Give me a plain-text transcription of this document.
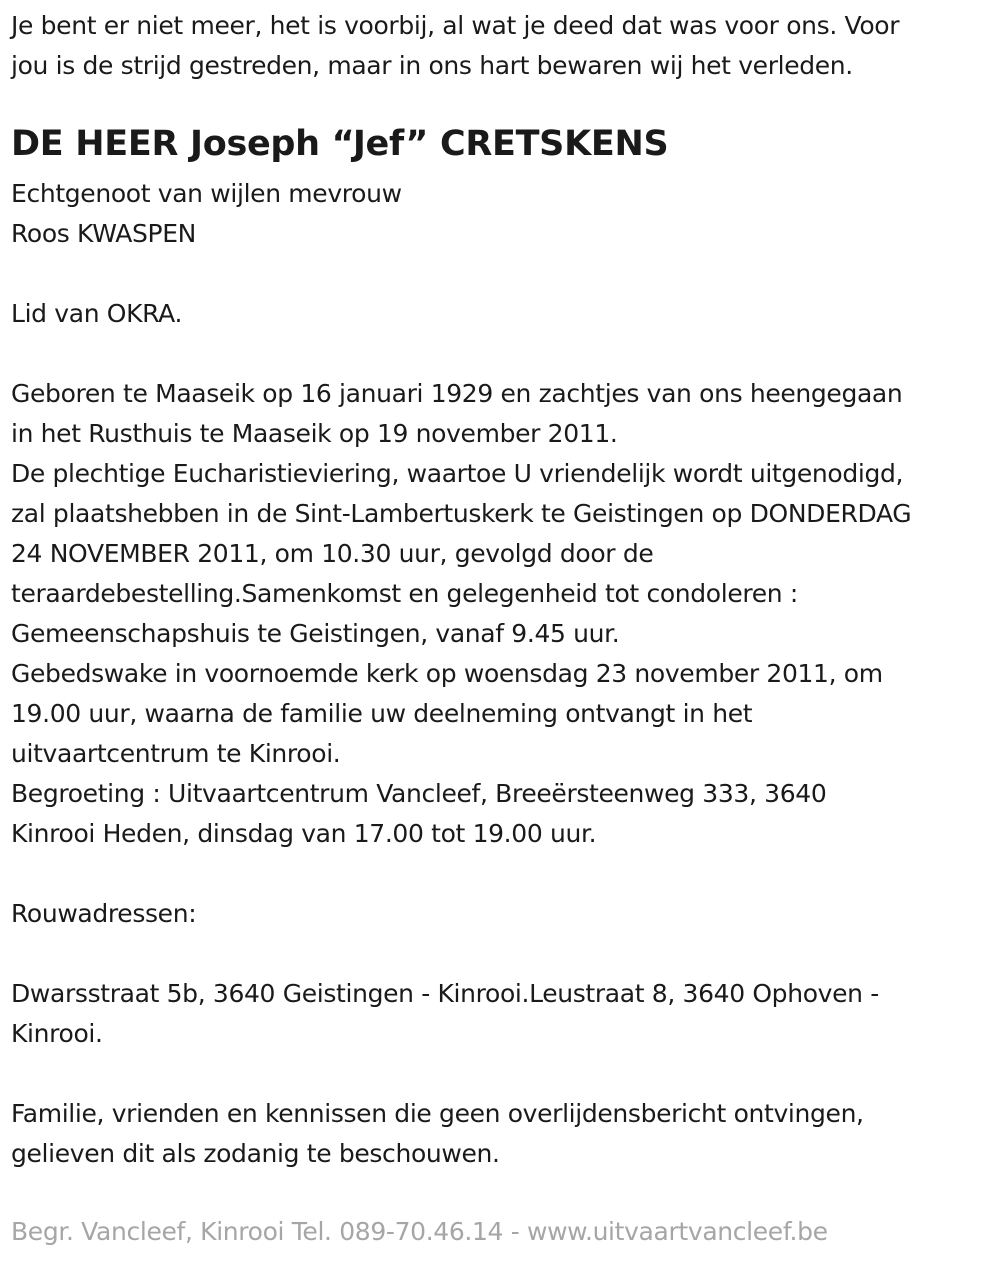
Je bent er niet meer, het is voorbij, al wat je deed dat was voor ons. Voor
jou is de strijd gestreden, maar in ons hart bewaren wij het verleden.
DE HEER Joseph “Jef” CRETSKENS
Echtgenoot van wijlen mevrouw
Roos KWASPEN
Lid van OKRA.
Geboren te Maaseik op 16 januari 1929 en zachtjes van ons heengegaan
in het Rusthuis te Maaseik op 19 november 2011.
De plechtige Eucharistieviering, waartoe U vriendelijk wordt uitgenodigd,
zal plaatshebben in de Sint-Lambertuskerk te Geistingen op DONDERDAG
24 NOVEMBER 2011, om 10.30 uur, gevolgd door de
teraardebestelling.Samenkomst en gelegenheid tot condoleren :
Gemeenschapshuis te Geistingen, vanaf 9.45 uur.
Gebedswake in voornoemde kerk op woensdag 23 november 2011, om
19.00 uur, waarna de familie uw deelneming ontvangt in het
uitvaartcentrum te Kinrooi.
Begroeting : Uitvaartcentrum Vancleef, Breeërsteenweg 333, 3640
Kinrooi Heden, dinsdag van 17.00 tot 19.00 uur.
Rouwadressen:
Dwarsstraat 5b, 3640 Geistingen - Kinrooi.Leustraat 8, 3640 Ophoven -
Kinrooi.
Familie, vrienden en kennissen die geen overlijdensbericht ontvingen,
gelieven dit als zodanig te beschouwen.
Begr. Vancleef, Kinrooi Tel. 089-70.46.14 - www.uitvaartvancleef.be
